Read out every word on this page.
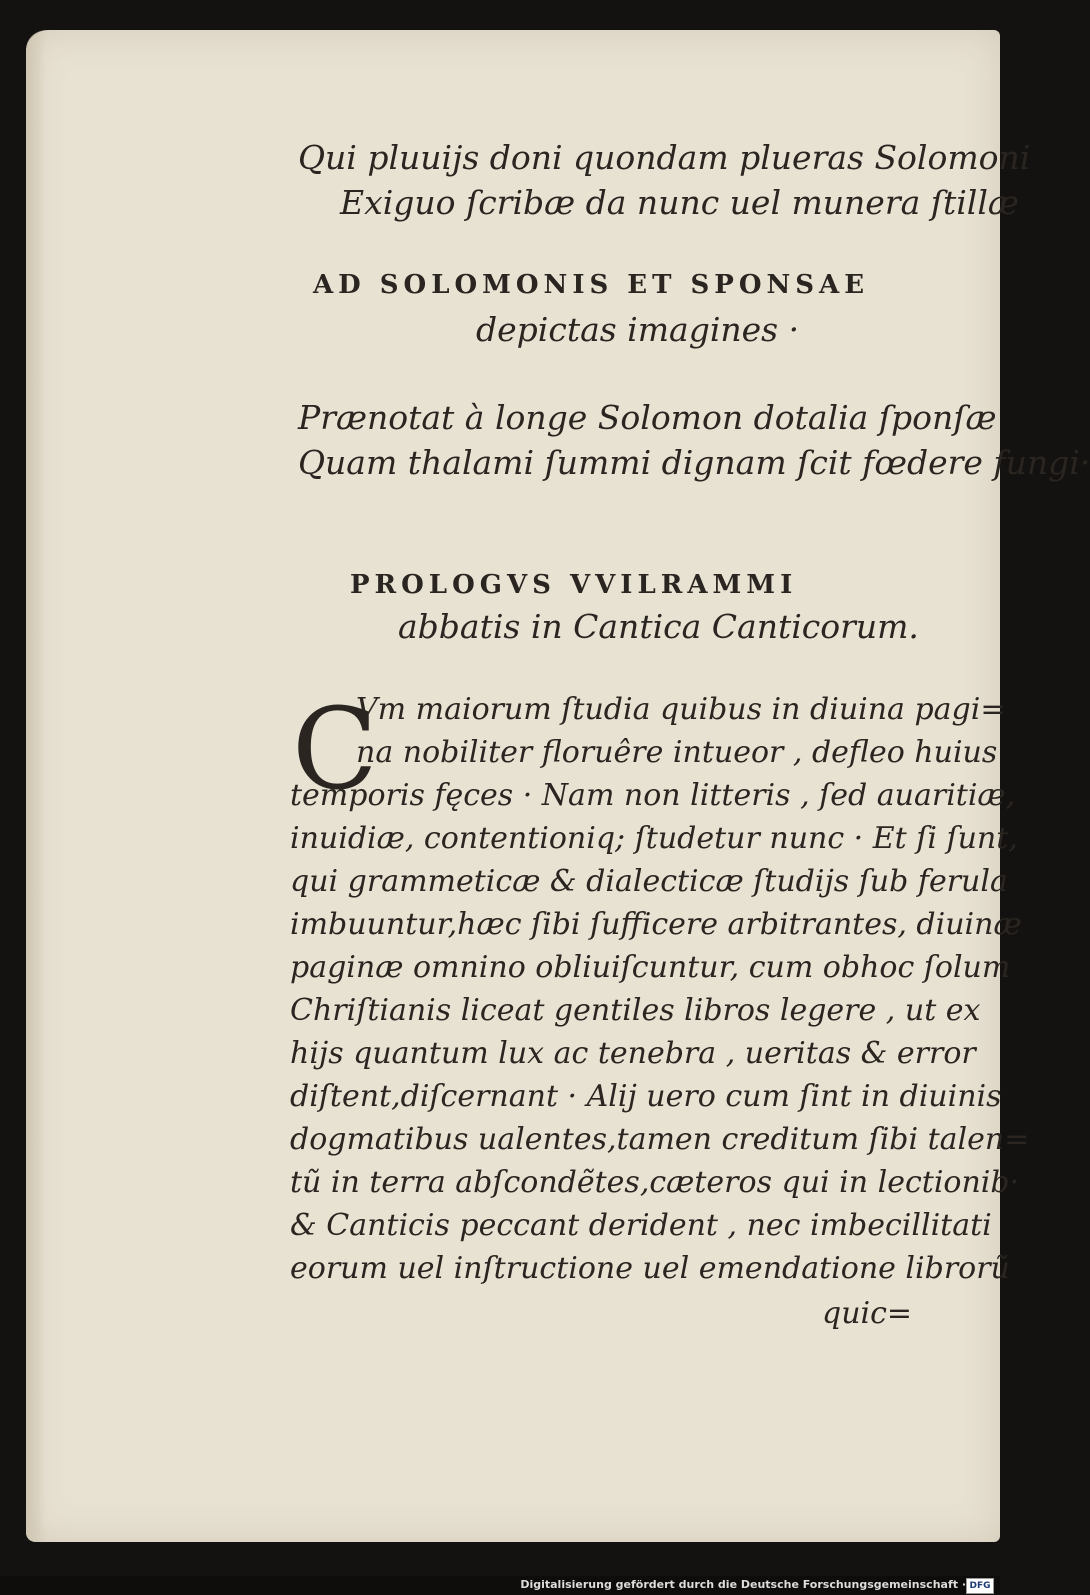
Qui pluuijs doni quondam plueras Solomoni
Exiguo ſcribæ da nunc uel munera ſtillæ
AD SOLOMONIS ET SPONSAE
depictas imagines ·
Prænotat à longe Solomon dotalia ſponſæ
Quam thalami ſummi dignam ſcit fœdere fungi·
PROLOGVS VVILRAMMI
abbatis in Cantica Canticorum.
C
Vm maiorum ſtudia quibus in diuina pagi=
na nobiliter floruêre intueor , defleo huius
temporis fęces · Nam non litteris , ſed auaritiæ,
inuidiæ, contentioniq; ſtudetur nunc · Et ſi ſunt,
qui grammeticæ & dialecticæ ſtudijs ſub ferula
imbuuntur,hæc ſibi ſufficere arbitrantes, diuinæ
paginæ omnino obliuiſcuntur, cum obhoc ſolum
Chriſtianis liceat gentiles libros legere , ut ex
hijs quantum lux ac tenebra , ueritas & error
diſtent,diſcernant · Alij uero cum ſint in diuinis
dogmatibus ualentes,tamen creditum ſibi talen=
tũ in terra abſcondẽtes,cæteros qui in lectionib·
& Canticis peccant derident , nec imbecillitati
eorum uel inſtructione uel emendatione librorũ
quic=
Digitalisierung gefördert durch die Deutsche Forschungsgemeinschaft · DFG
